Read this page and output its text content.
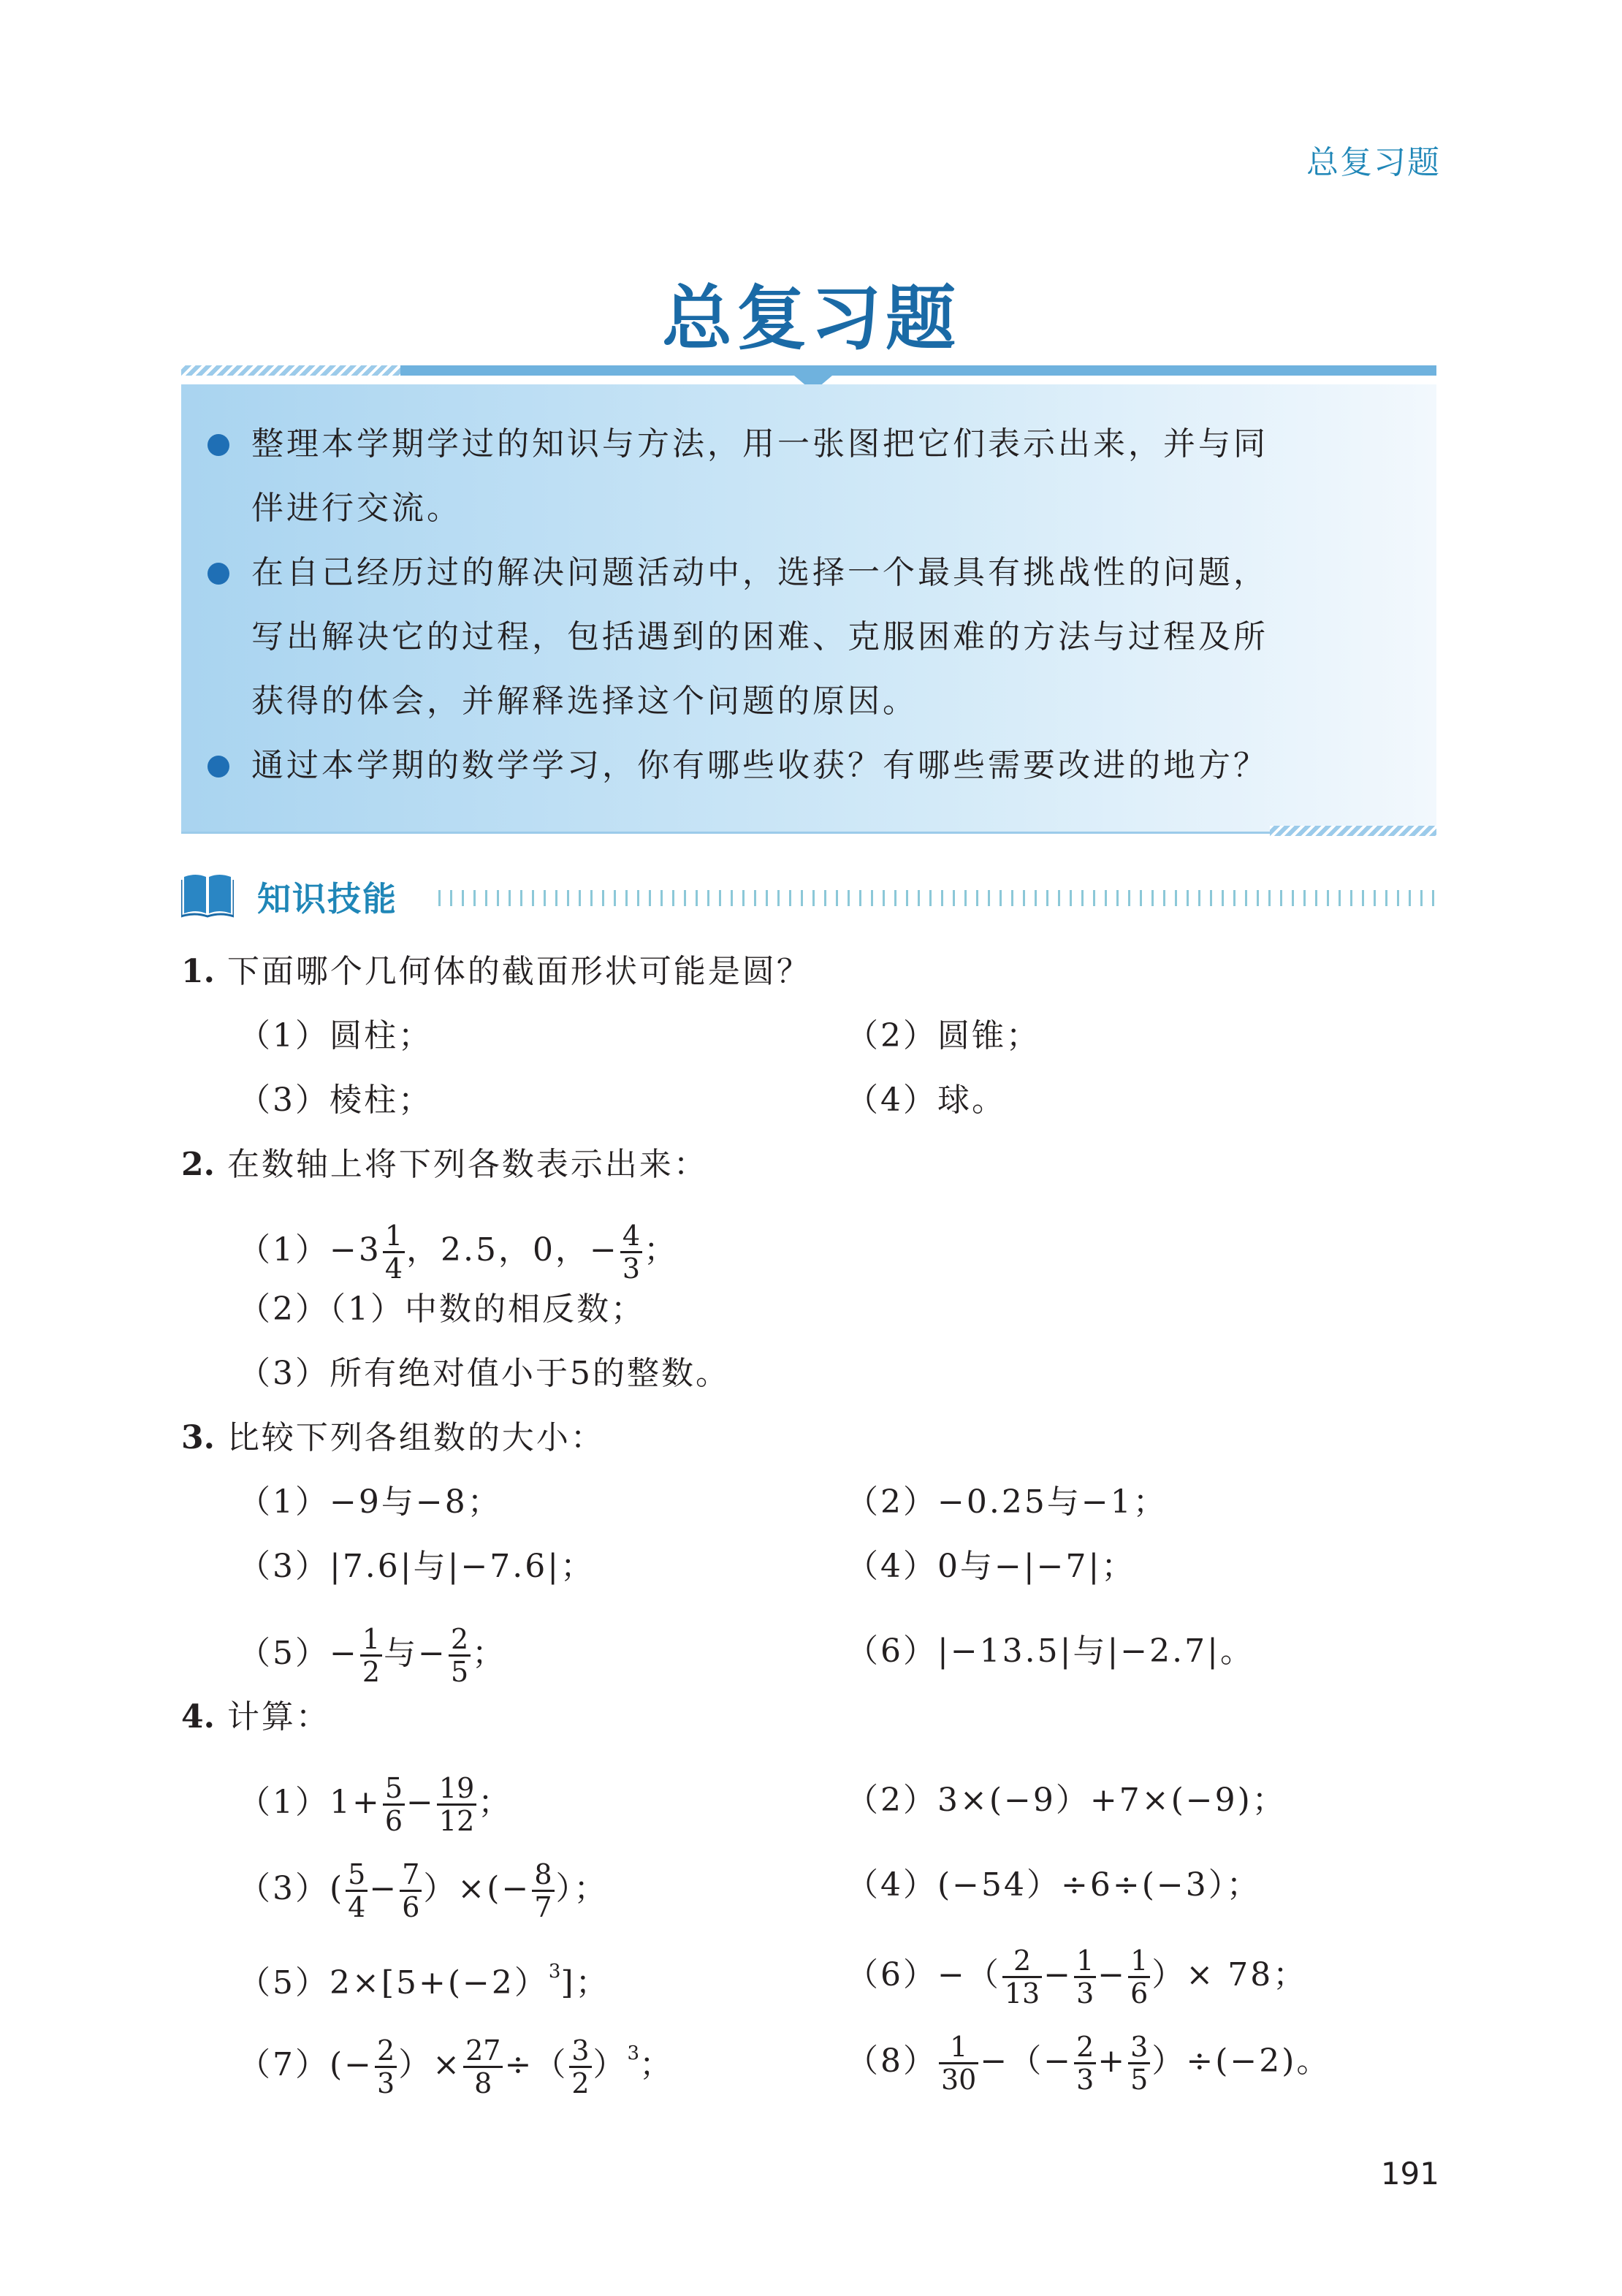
总复习题
总复习题
整理本学期学过的知识与方法，用一张图把它们表示出来，并与同
伴进行交流。
在自己经历过的解决问题活动中，选择一个最具有挑战性的问题，
写出解决它的过程，包括遇到的困难、克服困难的方法与过程及所
获得的体会，并解释选择这个问题的原因。
通过本学期的数学学习，你有哪些收获？有哪些需要改进的地方？
知识技能
1. 下面哪个几何体的截面形状可能是圆？
（1）圆柱；	（2）圆锥；
（3）棱柱；	（4）球。
2. 在数轴上将下列各数表示出来：
$(1)-3 \frac{1}{4}$ ，2.5，0，− $\frac{4}{3}$ ；
（2）（1）中数的相反数；
（3）所有绝对值小于5的整数。
3. 比较下列各组数的大小：
（1）−9与−8；	（2）−0.25与−1；
（3）|7.6|与|−7.6|；	（4）0与−|−7|；
$(5)- \frac{1}{2}$ 与− $\frac{2}{5}$ ；	（6）|−13.5|与|−2.7|。
4. 计算：
$(1)1+ \frac{5}{6} - \frac{19}{12}$ ；	（2）3×(−9）+7×(−9)；
$(3)( \frac{5}{4} - \frac{7}{6}$ ）×(− $\frac{8}{7}$ ）；	（4）(−54）÷6÷(−3）；
（5）2×[5+(−2）$^3$]；	$(6)-( \frac{2}{13} - \frac{1}{3} - \frac{1}{6}$ ）× 78；
$(7)(- \frac{2}{3}$ ）× $\frac{27}{8}$ ÷（ $\frac{3}{2} )^3$；	$(8) \frac{1}{30}$ −（− $\frac{2}{3} + \frac{3}{5} )\div(-2)$。
191
